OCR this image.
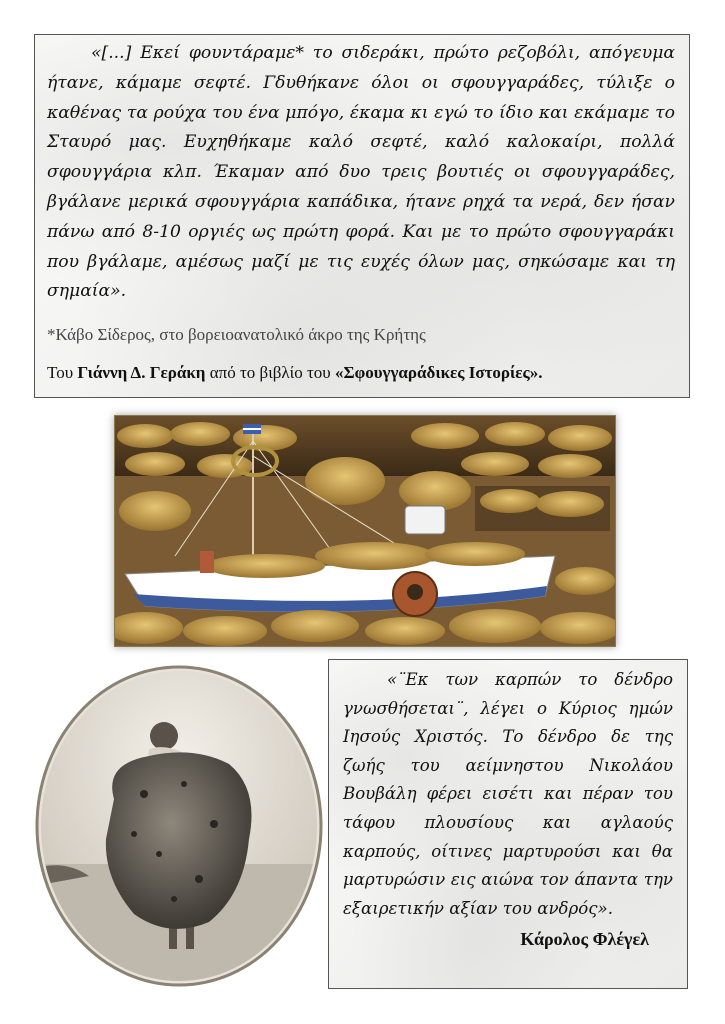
«[...] Εκεί φουντάραμε* το σιδεράκι, πρώτο ρεζοβόλι, απόγευμα ήτανε, κάμαμε σεφτέ. Γδυθήκανε όλοι οι σφουγγαράδες, τύλιξε ο καθένας τα ρούχα του ένα μπόγο, έκαμα κι εγώ το ίδιο και εκάμαμε το Σταυρό μας. Ευχηθήκαμε καλό σεφτέ, καλό καλοκαίρι, πολλά σφουγγάρια κλπ. Έκαμαν από δυο τρεις βουτιές οι σφουγγαράδες, βγάλανε μερικά σφουγγάρια καπάδικα, ήτανε ρηχά τα νερά, δεν ήσαν πάνω από 8-10 οργιές ως πρώτη φορά. Και με το πρώτο σφουγγαράκι που βγάλαμε, αμέσως μαζί με τις ευχές όλων μας, σηκώσαμε και τη σημαία».

*Κάβο Σίδερος, στο βορειοανατολικό άκρο της Κρήτης
Του Γιάννη Δ. Γεράκη από το βιβλίο του «Σφουγγαράδικες Ιστορίες».

«¨Εκ των καρπών το δένδρο γνωσθήσεται¨, λέγει ο Κύριος ημών Ιησούς Χριστός. Το δένδρο δε της ζωής του αείμνηστου Νικολάου Βουβάλη φέρει εισέτι και πέραν του τάφου πλουσίους και αγλαούς καρπούς, οίτινες μαρτυρούσι και θα μαρτυρώσιν εις αιώνα τον άπαντα την εξαιρετικήν αξίαν του ανδρός».

Κάρολος Φλέγελ
